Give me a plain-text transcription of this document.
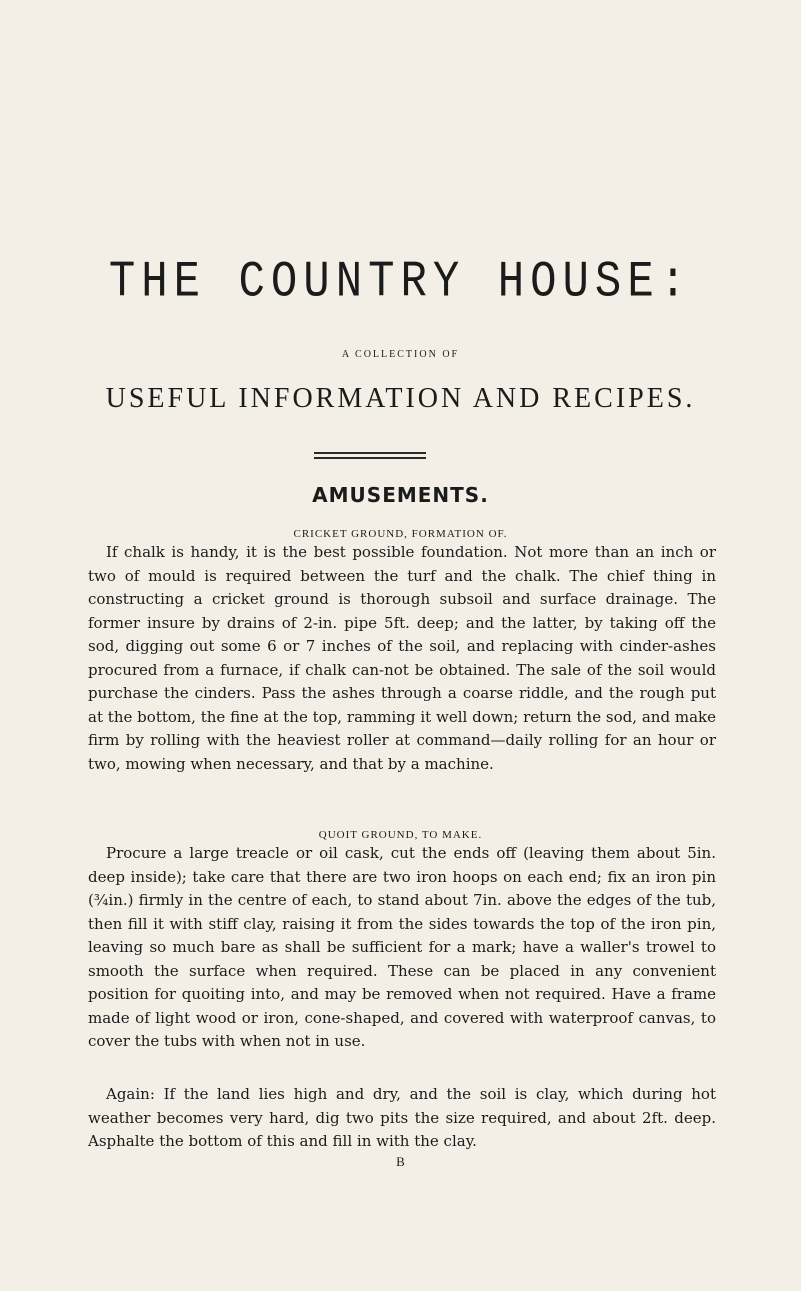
THE COUNTRY HOUSE:
A COLLECTION OF
USEFUL INFORMATION AND RECIPES.
AMUSEMENTS.
CRICKET GROUND, FORMATION OF.
If chalk is handy, it is the best possible foundation. Not more than an inch or two of mould is required between the turf and the chalk. The chief thing in constructing a cricket ground is thorough subsoil and surface drainage. The former insure by drains of 2-in. pipe 5ft. deep; and the latter, by taking off the sod, digging out some 6 or 7 inches of the soil, and replacing with cinder-ashes procured from a furnace, if chalk can-not be obtained. The sale of the soil would purchase the cinders. Pass the ashes through a coarse riddle, and the rough put at the bottom, the fine at the top, ramming it well down; return the sod, and make firm by rolling with the heaviest roller at command—daily rolling for an hour or two, mowing when necessary, and that by a machine.
QUOIT GROUND, TO MAKE.
Procure a large treacle or oil cask, cut the ends off (leaving them about 5in. deep inside); take care that there are two iron hoops on each end; fix an iron pin (¾in.) firmly in the centre of each, to stand about 7in. above the edges of the tub, then fill it with stiff clay, raising it from the sides towards the top of the iron pin, leaving so much bare as shall be sufficient for a mark; have a waller's trowel to smooth the surface when required. These can be placed in any convenient position for quoiting into, and may be removed when not required. Have a frame made of light wood or iron, cone-shaped, and covered with waterproof canvas, to cover the tubs with when not in use.
Again: If the land lies high and dry, and the soil is clay, which during hot weather becomes very hard, dig two pits the size required, and about 2ft. deep. Asphalte the bottom of this and fill in with the clay.
B
